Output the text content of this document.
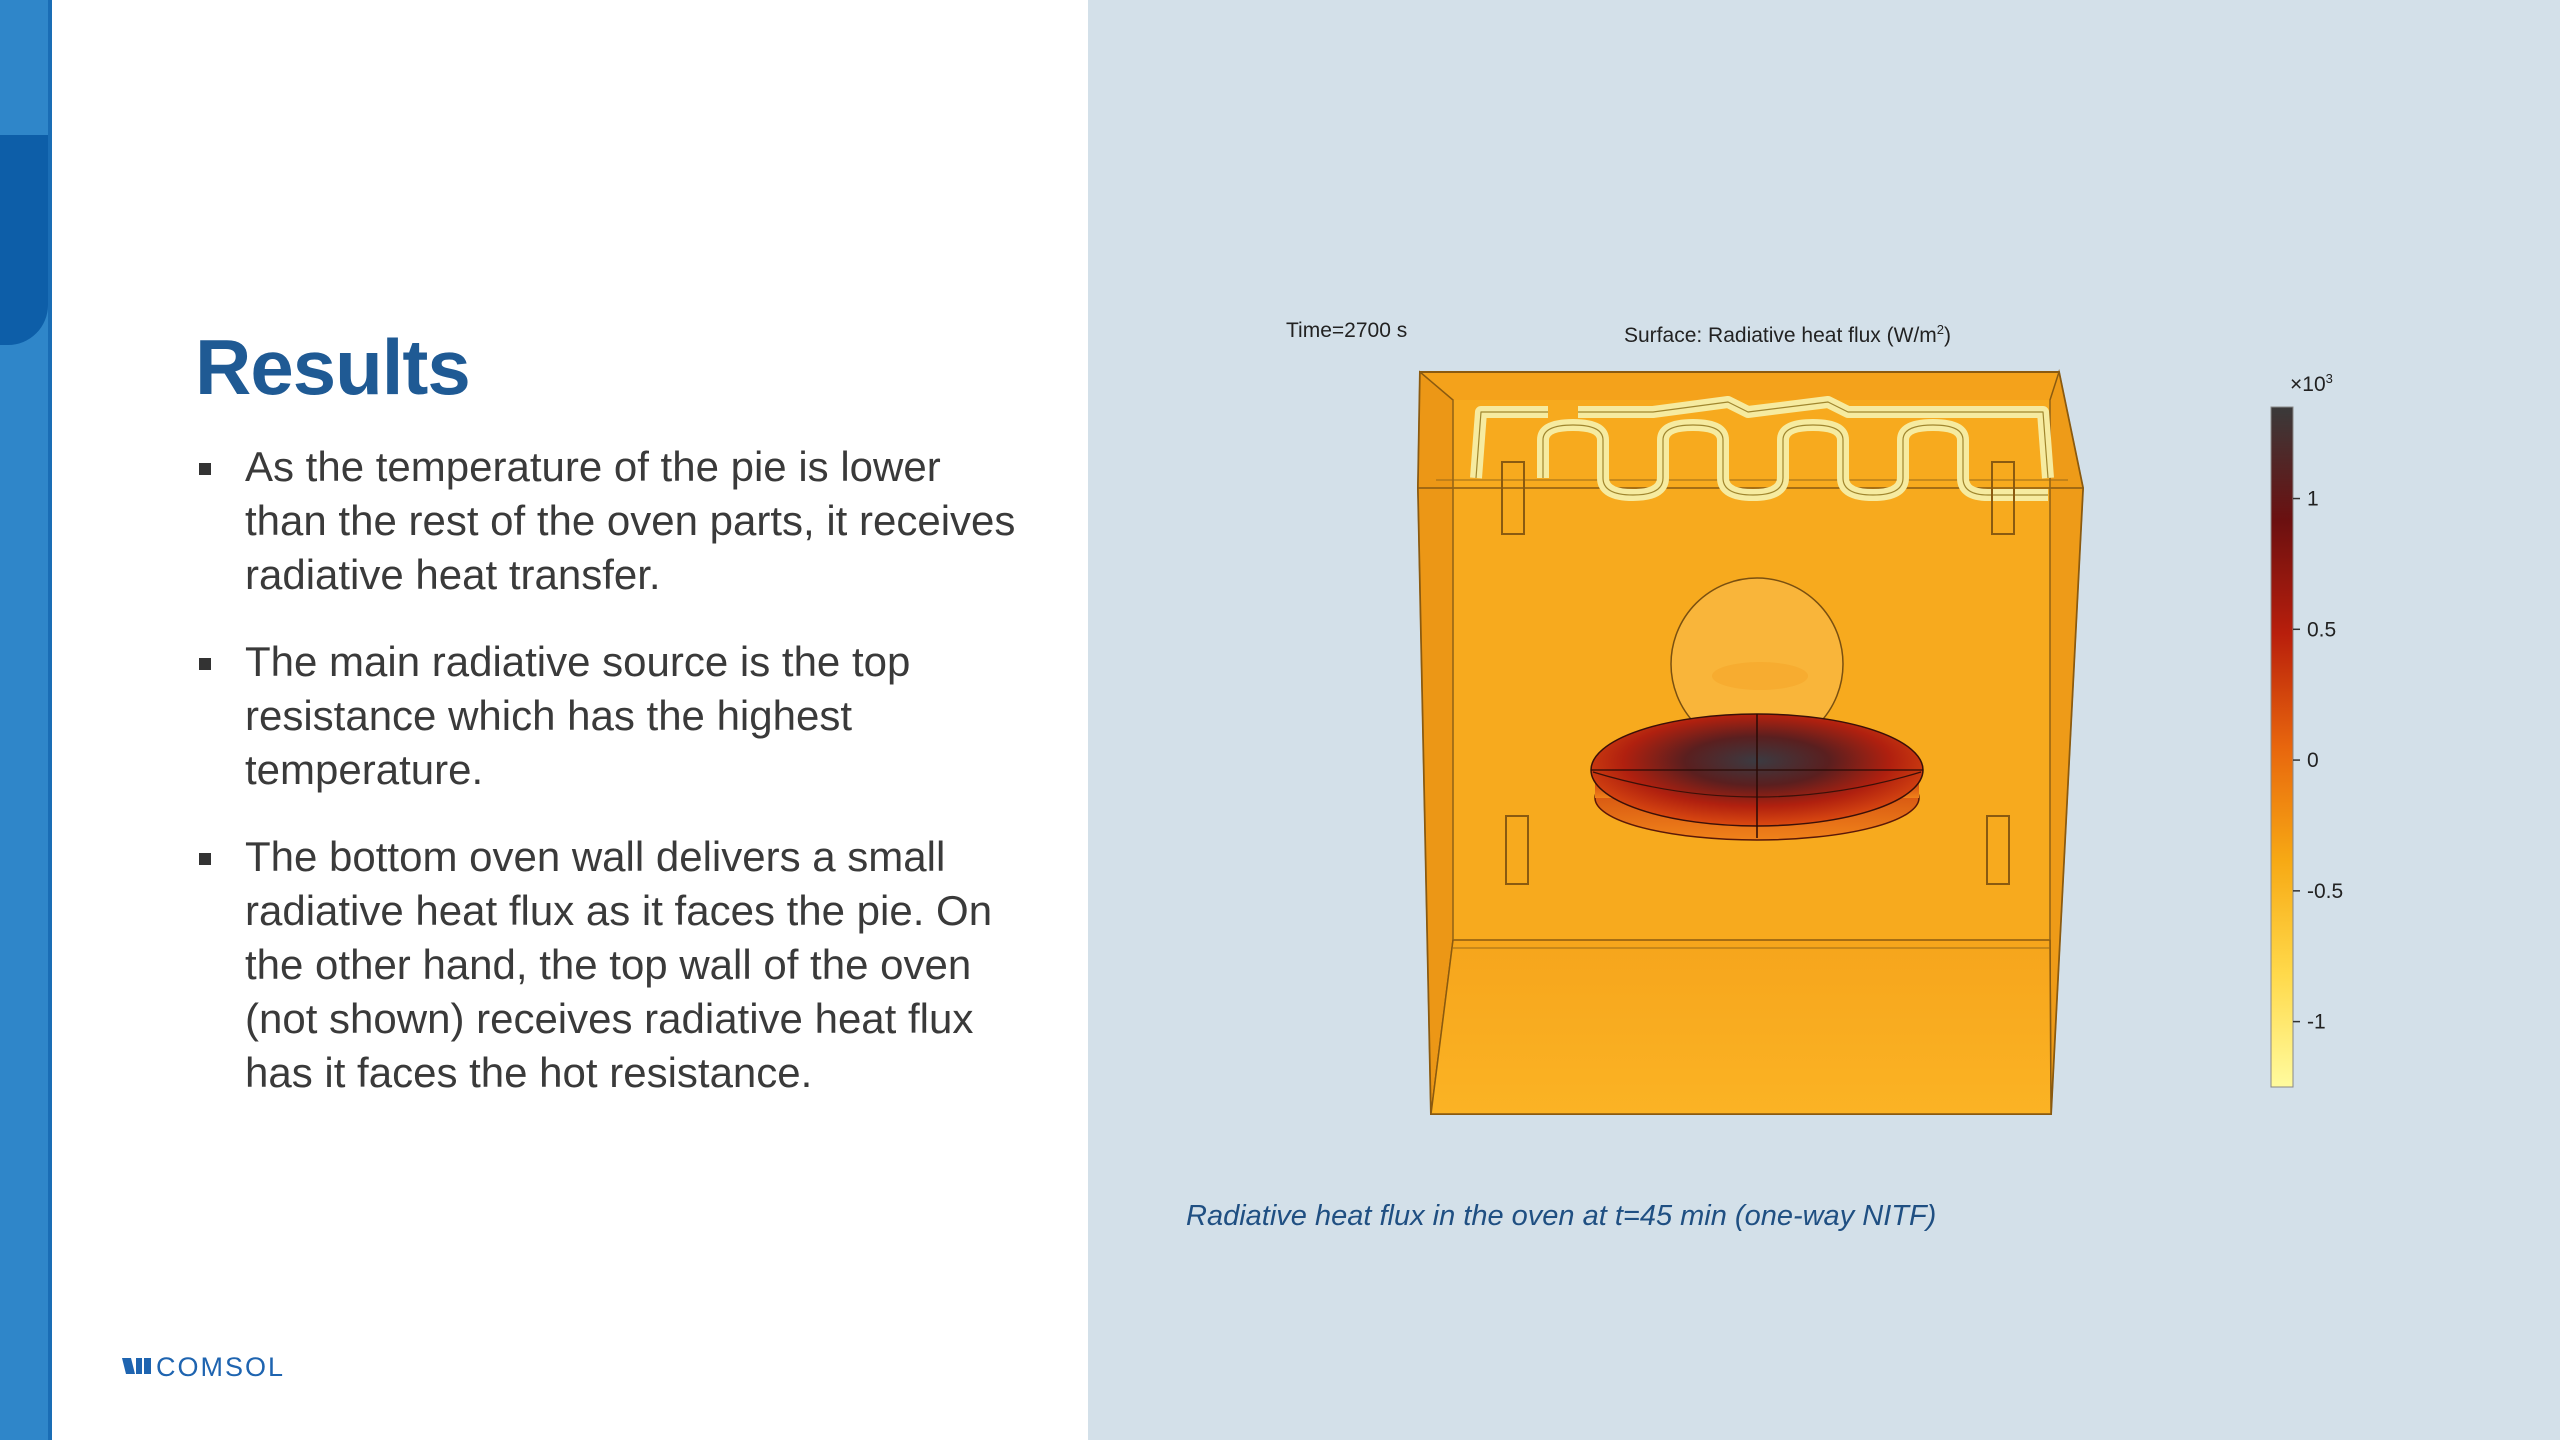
Results
As the temperature of the pie is lower than the rest of the oven parts, it receives radiative heat transfer.
The main radiative source is the top resistance which has the highest temperature.
The bottom oven wall delivers a small radiative heat flux as it faces the pie. On the other hand, the top wall of the oven (not shown) receives radiative heat flux has it faces the hot resistance.
COMSOL
Time=2700 s	Surface: Radiative heat flux $(W/m^2)$
$\times 10^3$
1
0.5
0
-0.5
-1
Radiative heat flux in the oven at t=45 min (one-way NITF)
